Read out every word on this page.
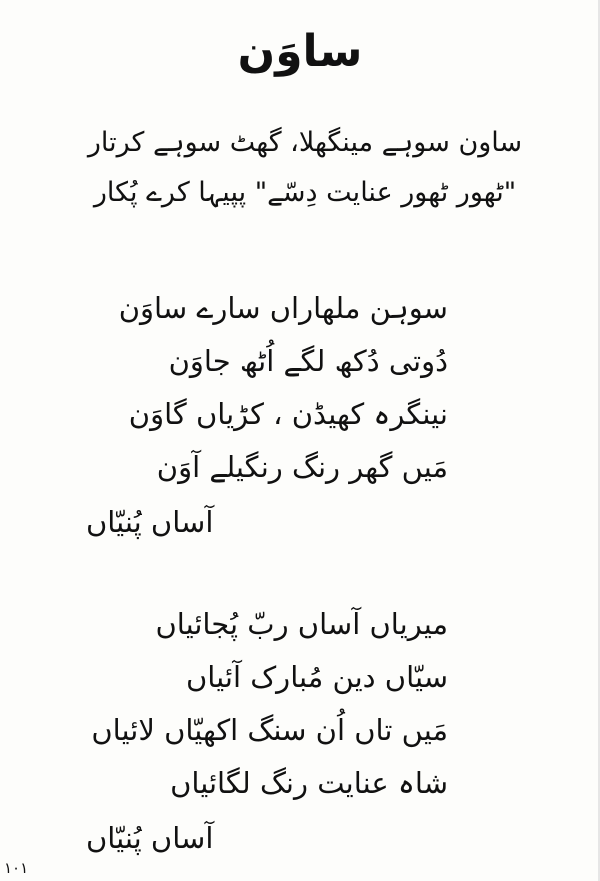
ساوَن
ساون سوہے مینگھلا، گھٹ سوہے کرتار
"ٹھور ٹھور عنایت دِسّے" پپیہا کرے پُکار
سوہن ملھاراں سارے ساوَن
دُوتی دُکھ لگے اُٹھ جاوَن
نینگرہ کھیڈن ، کڑیاں گاوَن
مَیں گھر رنگ رنگیلے آوَن
آساں پُنیّاں
میریاں آساں ربّ پُجائیاں
سیّاں دین مُبارک آئیاں
مَیں تاں اُن سنگ اکھیّاں لائیاں
شاہ عنایت رنگ لگائیاں
آساں پُنیّاں
۱۰۱
